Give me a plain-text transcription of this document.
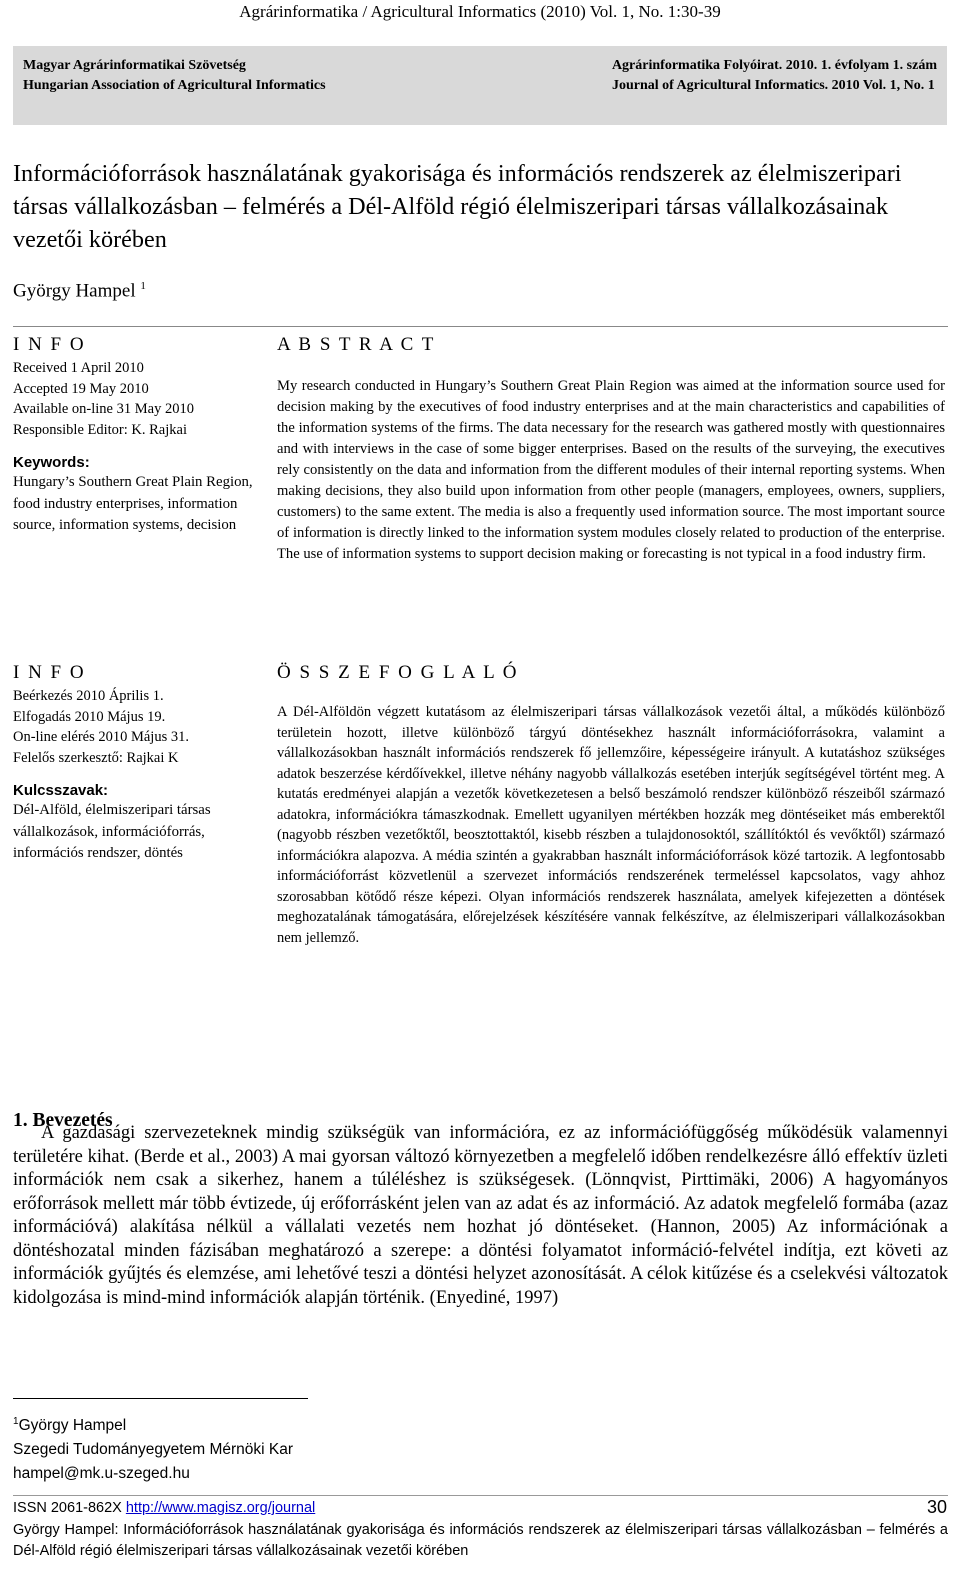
Agrárinformatika / Agricultural Informatics (2010) Vol. 1, No. 1:30-39
Magyar Agrárinformatikai Szövetség
Hungarian Association of Agricultural Informatics
Agrárinformatika Folyóirat. 2010. 1. évfolyam 1. szám
Journal of Agricultural Informatics. 2010 Vol. 1, No. 1
Információforrások használatának gyakorisága és információs rendszerek az élelmiszeripari társas vállalkozásban – felmérés a Dél-Alföld régió élelmiszeripari társas vállalkozásainak vezetői körében
György Hampel $^1$
I N F O
Received 1 April 2010
Accepted 19 May 2010
Available on-line 31 May 2010
Responsible Editor: K. Rajkai
Keywords:
Hungary’s Southern Great Plain Region, food industry enterprises, information source, information systems, decision
I N F O
Beérkezés 2010 Április 1.
Elfogadás 2010 Május 19.
On-line elérés 2010 Május 31.
Felelős szerkesztő: Rajkai K
Kulcsszavak:
Dél-Alföld, élelmiszeripari társas vállalkozások, információforrás, információs rendszer, döntés
A B S T R A C T
My research conducted in Hungary’s Southern Great Plain Region was aimed at the information source used for decision making by the executives of food industry enterprises and at the main characteristics and capabilities of the information systems of the firms. The data necessary for the research was gathered mostly with questionnaires and with interviews in the case of some bigger enterprises. Based on the results of the surveying, the executives rely consistently on the data and information from the different modules of their internal reporting systems. When making decisions, they also build upon information from other people (managers, employees, owners, suppliers, customers) to the same extent. The media is also a frequently used information source. The most important source of information is directly linked to the information system modules closely related to production of the enterprise. The use of information systems to support decision making or forecasting is not typical in a food industry firm.
Ö S S Z E F O G L A L Ó
A Dél-Alföldön végzett kutatásom az élelmiszeripari társas vállalkozások vezetői által, a működés különböző területein hozott, illetve különböző tárgyú döntésekhez használt információforrásokra, valamint a vállalkozásokban használt információs rendszerek fő jellemzőire, képességeire irányult. A kutatáshoz szükséges adatok beszerzése kérdőívekkel, illetve néhány nagyobb vállalkozás esetében interjúk segítségével történt meg. A kutatás eredményei alapján a vezetők következetesen a belső beszámoló rendszer különböző részeiből származó adatokra, információkra támaszkodnak. Emellett ugyanilyen mértékben hozzák meg döntéseiket más emberektől (nagyobb részben vezetőktől, beosztottaktól, kisebb részben a tulajdonosoktól, szállítóktól és vevőktől) származó információkra alapozva. A média szintén a gyakrabban használt információforrások közé tartozik. A legfontosabb információforrást közvetlenül a szervezet információs rendszerének termeléssel kapcsolatos, vagy ahhoz szorosabban kötődő része képezi. Olyan információs rendszerek használata, amelyek kifejezetten a döntések meghozatalának támogatására, előrejelzések készítésére vannak felkészítve, az élelmiszeripari vállalkozásokban nem jellemző.
1. Bevezetés
A gazdasági szervezeteknek mindig szükségük van információra, ez az információfüggőség működésük valamennyi területére kihat. (Berde et al., 2003) A mai gyorsan változó környezetben a megfelelő időben rendelkezésre álló effektív üzleti információk nem csak a sikerhez, hanem a túléléshez is szükségesek. (Lönnqvist, Pirttimäki, 2006) A hagyományos erőforrások mellett már több évtizede, új erőforrásként jelen van az adat és az információ. Az adatok megfelelő formába (azaz információvá) alakítása nélkül a vállalati vezetés nem hozhat jó döntéseket. (Hannon, 2005) Az információnak a döntéshozatal minden fázisában meghatározó a szerepe: a döntési folyamatot információ-felvétel indítja, ezt követi az információk gyűjtés és elemzése, ami lehetővé teszi a döntési helyzet azonosítását. A célok kitűzése és a cselekvési változatok kidolgozása is mind-mind információk alapján történik. (Enyediné, 1997)
$^1$György Hampel
Szegedi Tudományegyetem Mérnöki Kar
hampel@mk.u-szeged.hu
ISSN 2061-862X http://www.magisz.org/journal	30
György Hampel: Információforrások használatának gyakorisága és információs rendszerek az élelmiszeripari társas vállalkozásban – felmérés a Dél-Alföld régió élelmiszeripari társas vállalkozásainak vezetői körében
